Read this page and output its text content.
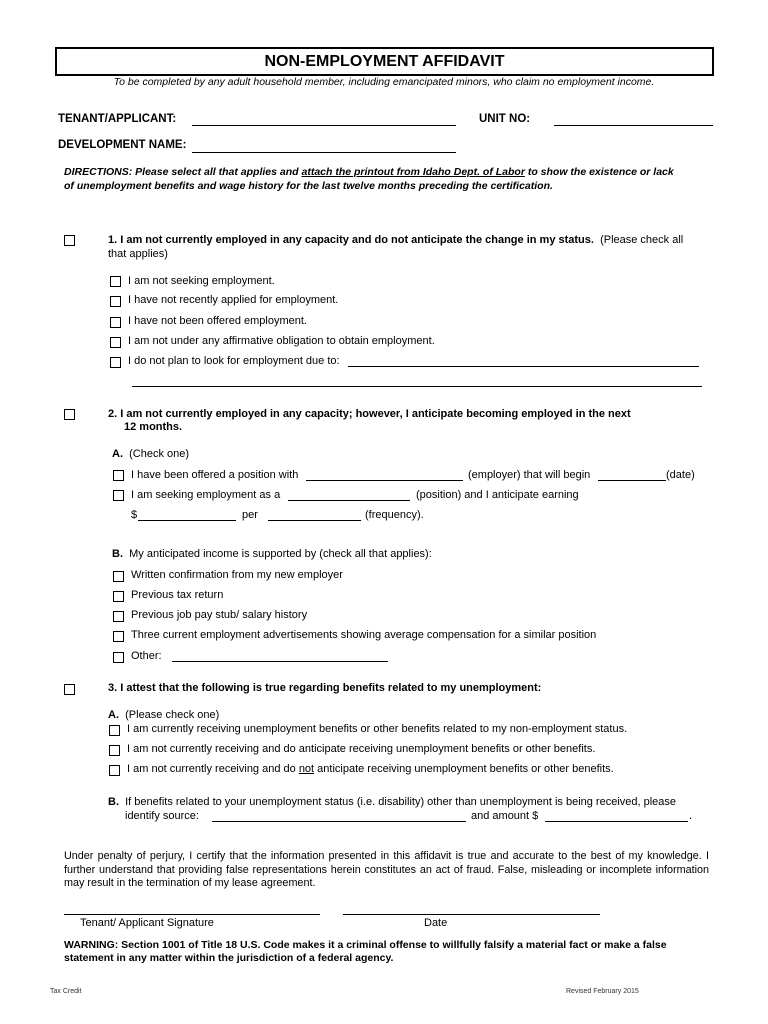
NON-EMPLOYMENT AFFIDAVIT
To be completed by any adult household member, including emancipated minors, who claim no employment income.
TENANT/APPLICANT:	UNIT NO:
DEVELOPMENT NAME:
DIRECTIONS: Please select all that applies and attach the printout from Idaho Dept. of Labor to show the existence or lack of unemployment benefits and wage history for the last twelve months preceding the certification.
1. I am not currently employed in any capacity and do not anticipate the change in my status. (Please check all
that applies)
I am not seeking employment.
I have not recently applied for employment.
I have not been offered employment.
I am not under any affirmative obligation to obtain employment.
I do not plan to look for employment due to:
2. I am not currently employed in any capacity; however, I anticipate becoming employed in the next
12 months.
A. (Check one)
I have been offered a position with	(employer) that will begin	(date)
I am seeking employment as a	(position) and I anticipate earning
$	per	(frequency).
B. My anticipated income is supported by (check all that applies):
Written confirmation from my new employer
Previous tax return
Previous job pay stub/ salary history
Three current employment advertisements showing average compensation for a similar position
Other:
3. I attest that the following is true regarding benefits related to my unemployment:
A. (Please check one)
I am currently receiving unemployment benefits or other benefits related to my non-employment status.
I am not currently receiving and do anticipate receiving unemployment benefits or other benefits.
I am not currently receiving and do not anticipate receiving unemployment benefits or other benefits.
B. If benefits related to your unemployment status (i.e. disability) other than unemployment is being received, please
identify source:	and amount $	.
Under penalty of perjury, I certify that the information presented in this affidavit is true and accurate to the best of my knowledge. I further understand that providing false representations herein constitutes an act of fraud. False, misleading or incomplete information may result in the termination of my lease agreement.
Tenant/ Applicant Signature	Date
WARNING: Section 1001 of Title 18 U.S. Code makes it a criminal offense to willfully falsify a material fact or make a false statement in any matter within the jurisdiction of a federal agency.
Tax Credit	Revised February 2015
